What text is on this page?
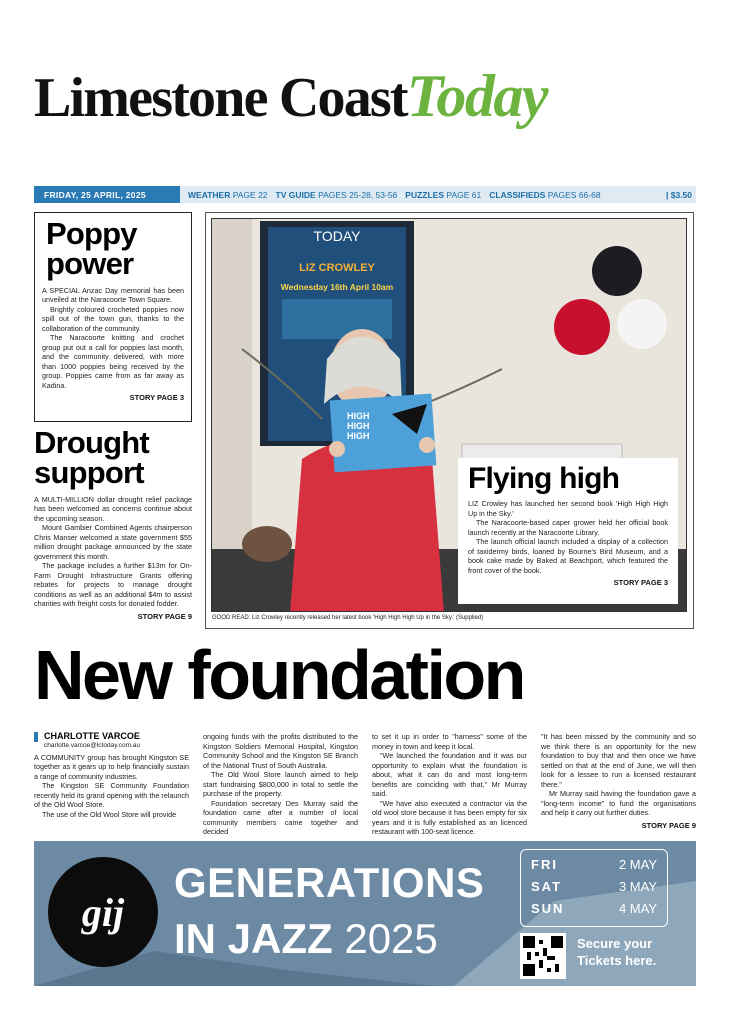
Limestone CoastToday
FRIDAY, 25 APRIL, 2025	WEATHER PAGE 22 TV GUIDE PAGES 25-28, 53-56 PUZZLES PAGE 61 CLASSIFIEDS PAGES 66-68	| $3.50
Poppy power

A SPECIAL Anzac Day memorial has been unveiled at the Naracoorte Town Square.

Brightly coloured crocheted poppies now spill out of the town gun, thanks to the collaboration of the community.

The Naracoorte knitting and crochet group put out a call for poppies last month, and the community delivered, with more than 1000 poppies being received by the group. Poppies came from as far away as Kadina.

STORY PAGE 3
Drought support

A MULTI-MILLION dollar drought relief package has been welcomed as concerns continue about the upcoming season.

Mount Gambier Combined Agents chairperson Chris Manser welcomed a state government $55 million drought package announced by the state government this month.

The package includes a further $13m for On-Farm Drought Infrastructure Grants offering rebates for projects to manage drought conditions as well as an additional $4m to assist charities with freight costs for donated fodder.

STORY PAGE 9
TODAY
LIZ CROWLEY
Wednesday 16th April 10am
HIGH HIGH HIGH
GOOD READ: Liz Crowley recently released her latest book 'High High High Up in the Sky.' (Supplied)
Flying high

LIZ Crowley has launched her second book 'High High High Up in the Sky.'

The Naracoorte-based caper grower held her official book launch recently at the Naracoorte Library.

The launch official launch included a display of a collection of taxidermy birds, loaned by Bourne's Bird Museum, and a book cake made by Baked at Beachport, which featured the front cover of the book.

STORY PAGE 3
New foundation
CHARLOTTE VARCOE
charlotte.varcoe@lctoday.com.au

A COMMUNITY group has brought Kingston SE together as it gears up to help financially sustain a range of community industries.

The Kingston SE Community Foundation recently held its grand opening with the relaunch of the Old Wool Store.

The use of the Old Wool Store will provide

ongoing funds with the profits distributed to the Kingston Soldiers Memorial Hospital, Kingston Community School and the Kingston SE Branch of the National Trust of South Australia.

The Old Wool Store launch aimed to help start fundraising $800,000 in total to settle the purchase of the property.

Foundation secretary Des Murray said the foundation came after a number of local community members came together and decided

to set it up in order to "harness" some of the money in town and keep it local.

"We launched the foundation and it was our opportunity to explain what the foundation is about, what it can do and most long-term benefits are coinciding with that," Mr Murray said.

"We have also executed a contractor via the old wool store because it has been empty for six years and it is fully established as an licenced restaurant with 100-seat licence.

"It has been missed by the community and so we think there is an opportunity for the new foundation to buy that and then once we have settled on that at the end of June, we will then look for a lessee to run a licensed restaurant there."

Mr Murray said having the foundation gave a "long-term income" to fund the organisations and help it carry out further duties.

STORY PAGE 9
gij
GENERATIONS
IN JAZZ 2025
FRI	2 MAY
SAT	3 MAY
SUN	4 MAY
Secure your
Tickets here.
